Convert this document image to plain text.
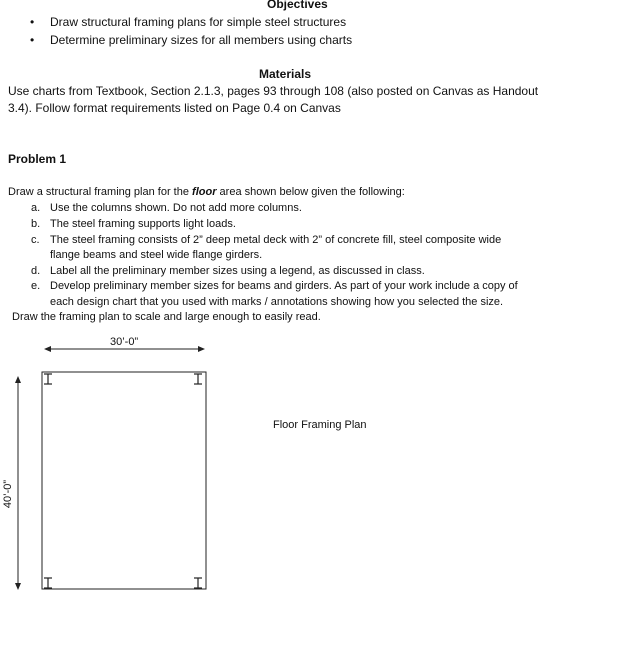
Objectives
• Draw structural framing plans for simple steel structures
• Determine preliminary sizes for all members using charts
Materials
Use charts from Textbook, Section 2.1.3, pages 93 through 108 (also posted on Canvas as Handout
3.4). Follow format requirements listed on Page 0.4 on Canvas
Problem 1
Draw a structural framing plan for the floor area shown below given the following:
a. Use the columns shown. Do not add more columns.
b. The steel framing supports light loads.
c. The steel framing consists of 2” deep metal deck with 2” of concrete fill, steel composite wide
flange beams and steel wide flange girders.
d. Label all the preliminary member sizes using a legend, as discussed in class.
e. Develop preliminary member sizes for beams and girders. As part of your work include a copy of
each design chart that you used with marks / annotations showing how you selected the size.
Draw the framing plan to scale and large enough to easily read.
30’-0”
40’-0”
Floor Framing Plan
